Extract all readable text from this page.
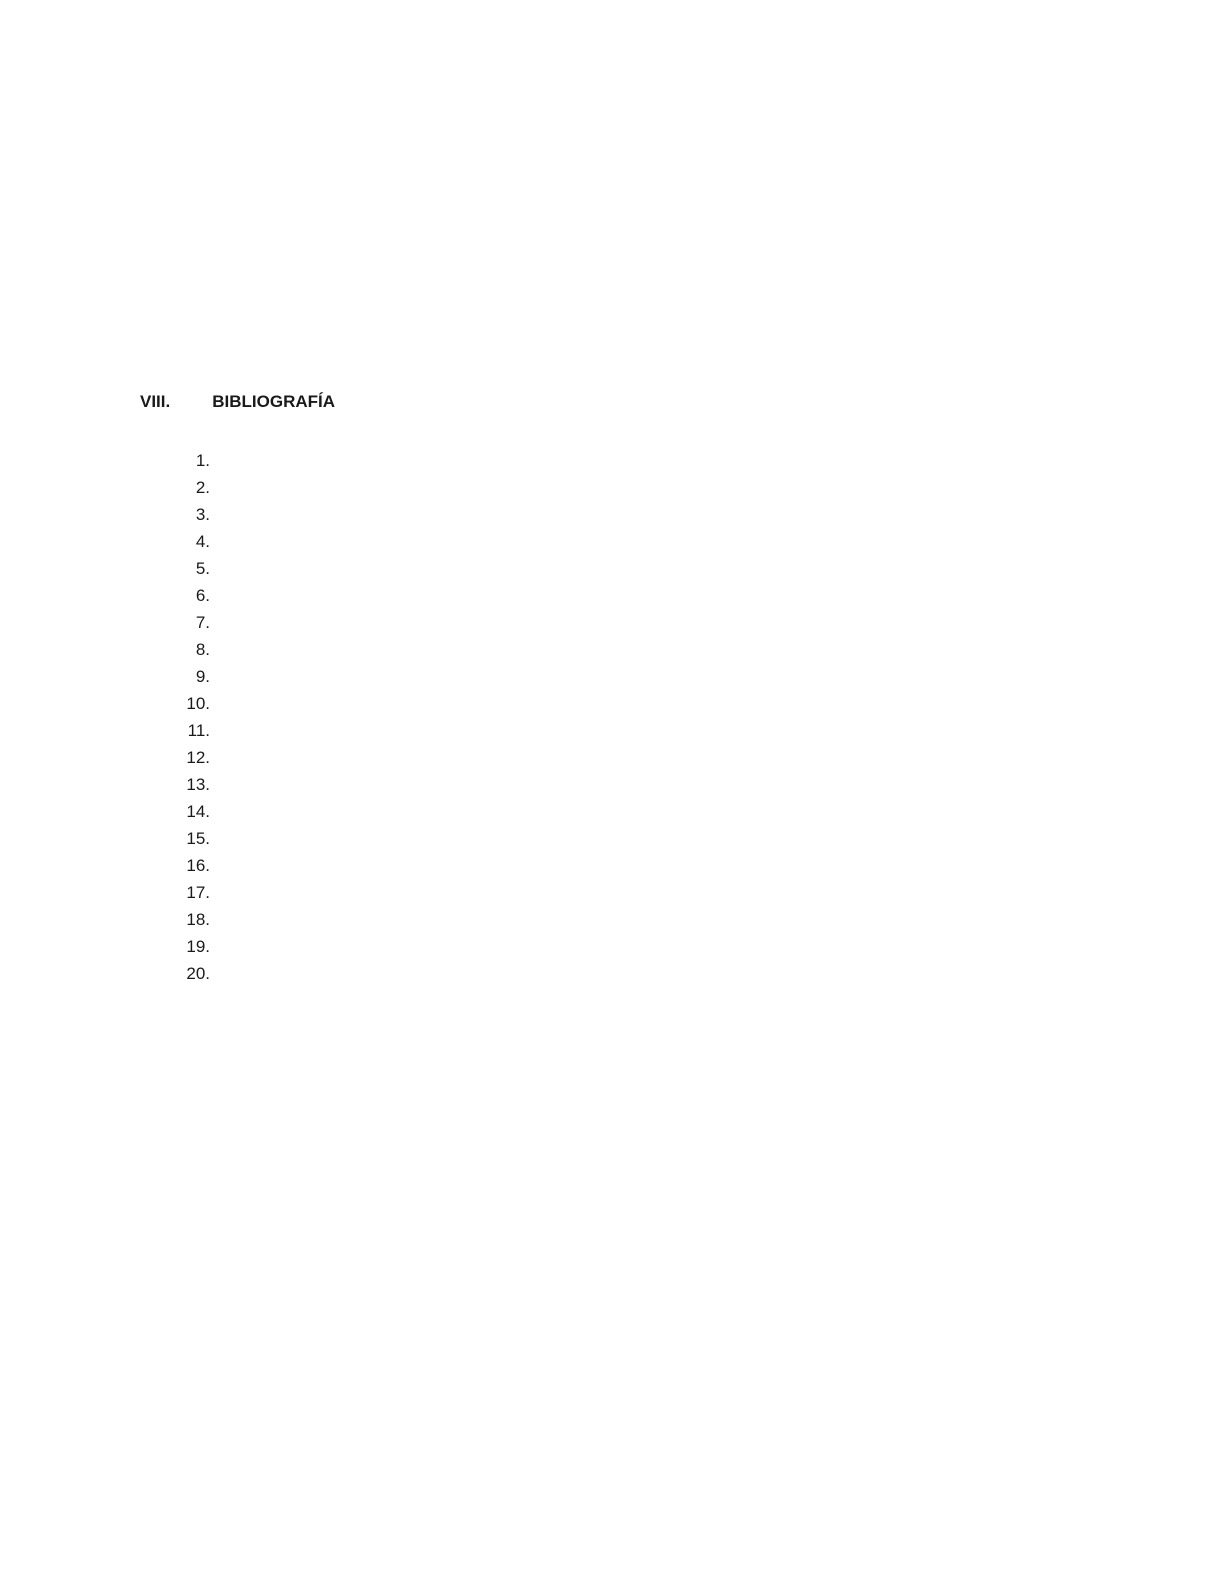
VIII. BIBLIOGRAFÍA
1.
2.
3.
4.
5.
6.
7.
8.
9.
10.
11.
12.
13.
14.
15.
16.
17.
18.
19.
20.
